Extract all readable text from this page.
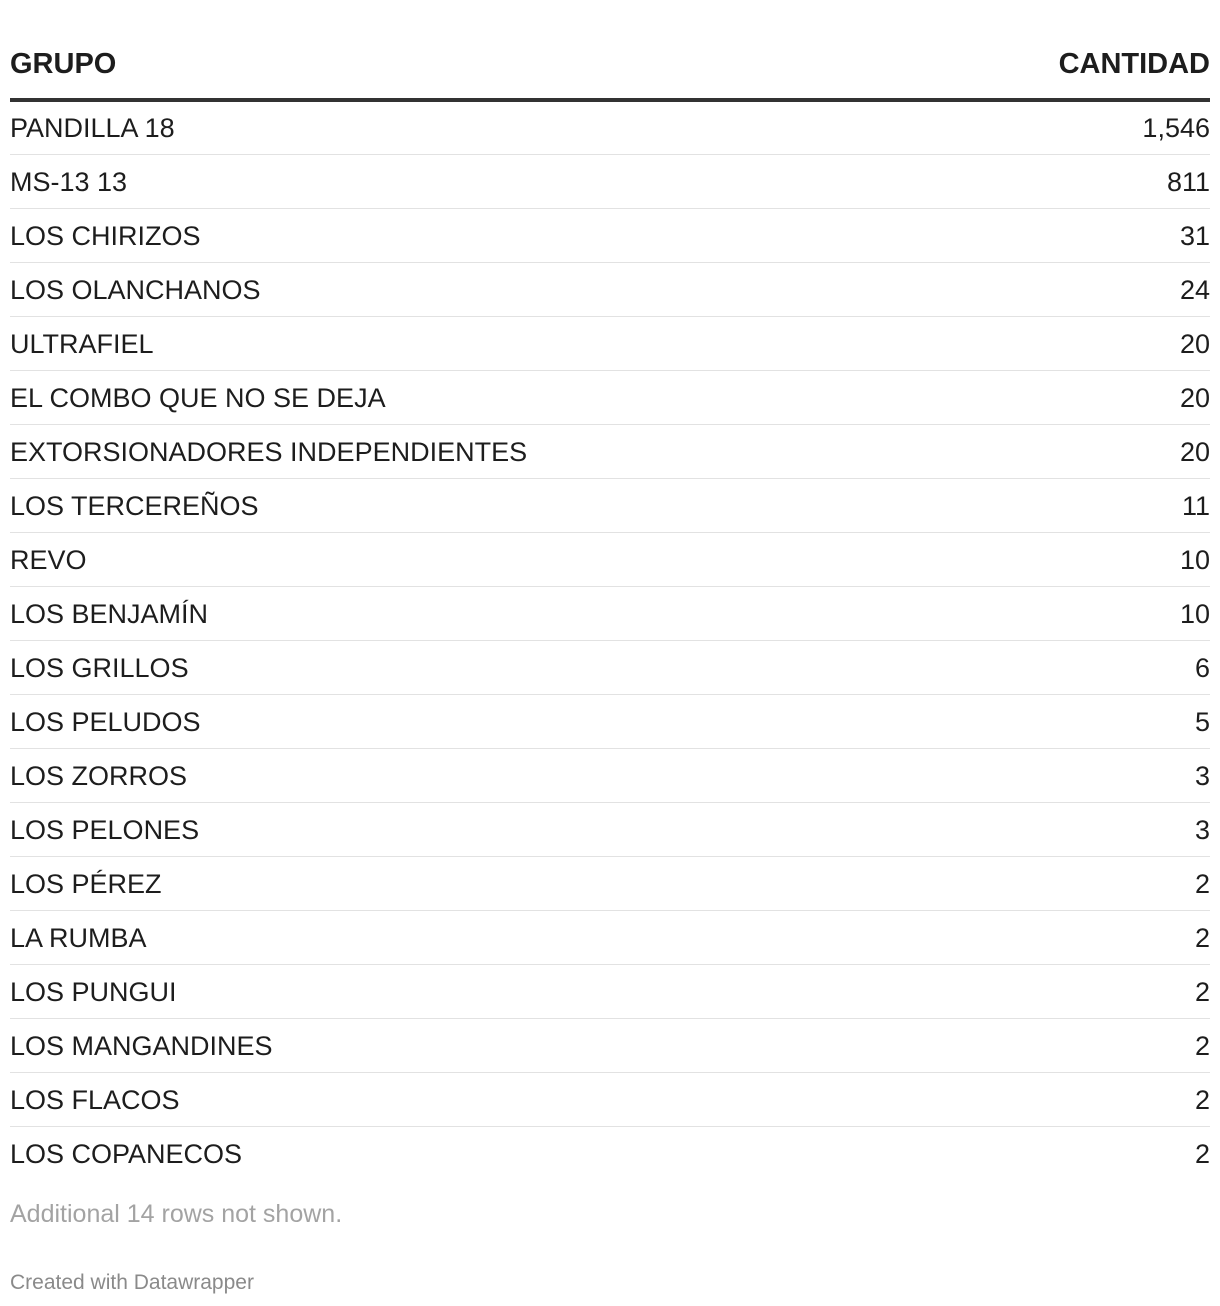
GRUPO	CANTIDAD
PANDILLA 18	1,546
MS-13 13	811
LOS CHIRIZOS	31
LOS OLANCHANOS	24
ULTRAFIEL	20
EL COMBO QUE NO SE DEJA	20
EXTORSIONADORES INDEPENDIENTES	20
LOS TERCEREÑOS	11
REVO	10
LOS BENJAMÍN	10
LOS GRILLOS	6
LOS PELUDOS	5
LOS ZORROS	3
LOS PELONES	3
LOS PÉREZ	2
LA RUMBA	2
LOS PUNGUI	2
LOS MANGANDINES	2
LOS FLACOS	2
LOS COPANECOS	2
Additional 14 rows not shown.
Created with Datawrapper
